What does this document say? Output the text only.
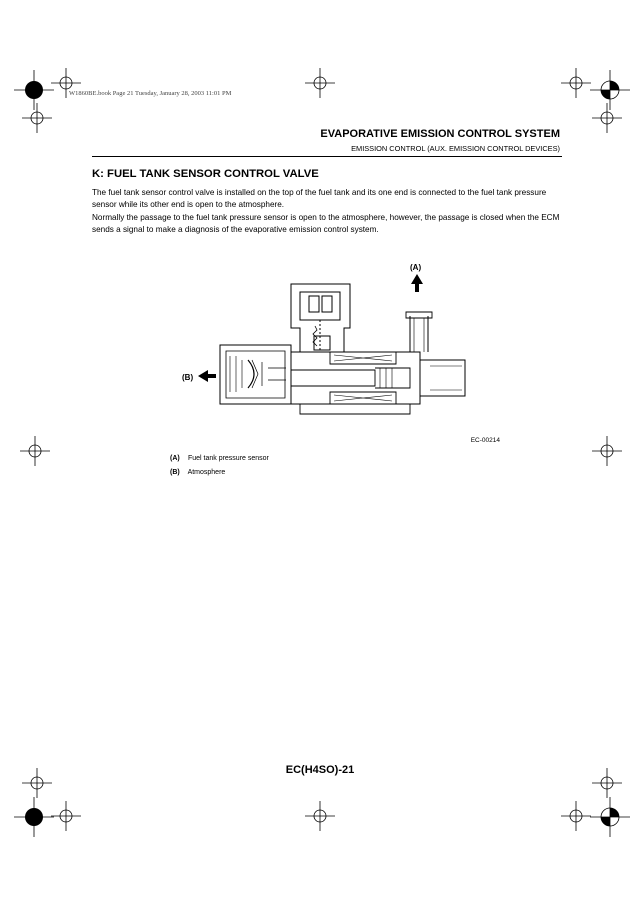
W1860BE.book Page 21 Tuesday, January 28, 2003 11:01 PM
EVAPORATIVE EMISSION CONTROL SYSTEM
EMISSION CONTROL (AUX. EMISSION CONTROL DEVICES)
K: FUEL TANK SENSOR CONTROL VALVE

The fuel tank sensor control valve is installed on the top of the fuel tank and its one end is connected to the fuel tank pressure sensor while its other end is open to the atmosphere.

Normally the passage to the fuel tank pressure sensor is open to the atmosphere, however, the passage is closed when the ECM sends a signal to make a diagnosis of the evaporative emission control system.

(A)
(B)
EC-00214
(A) Fuel tank pressure sensor
(B) Atmosphere
EC(H4SO)-21
